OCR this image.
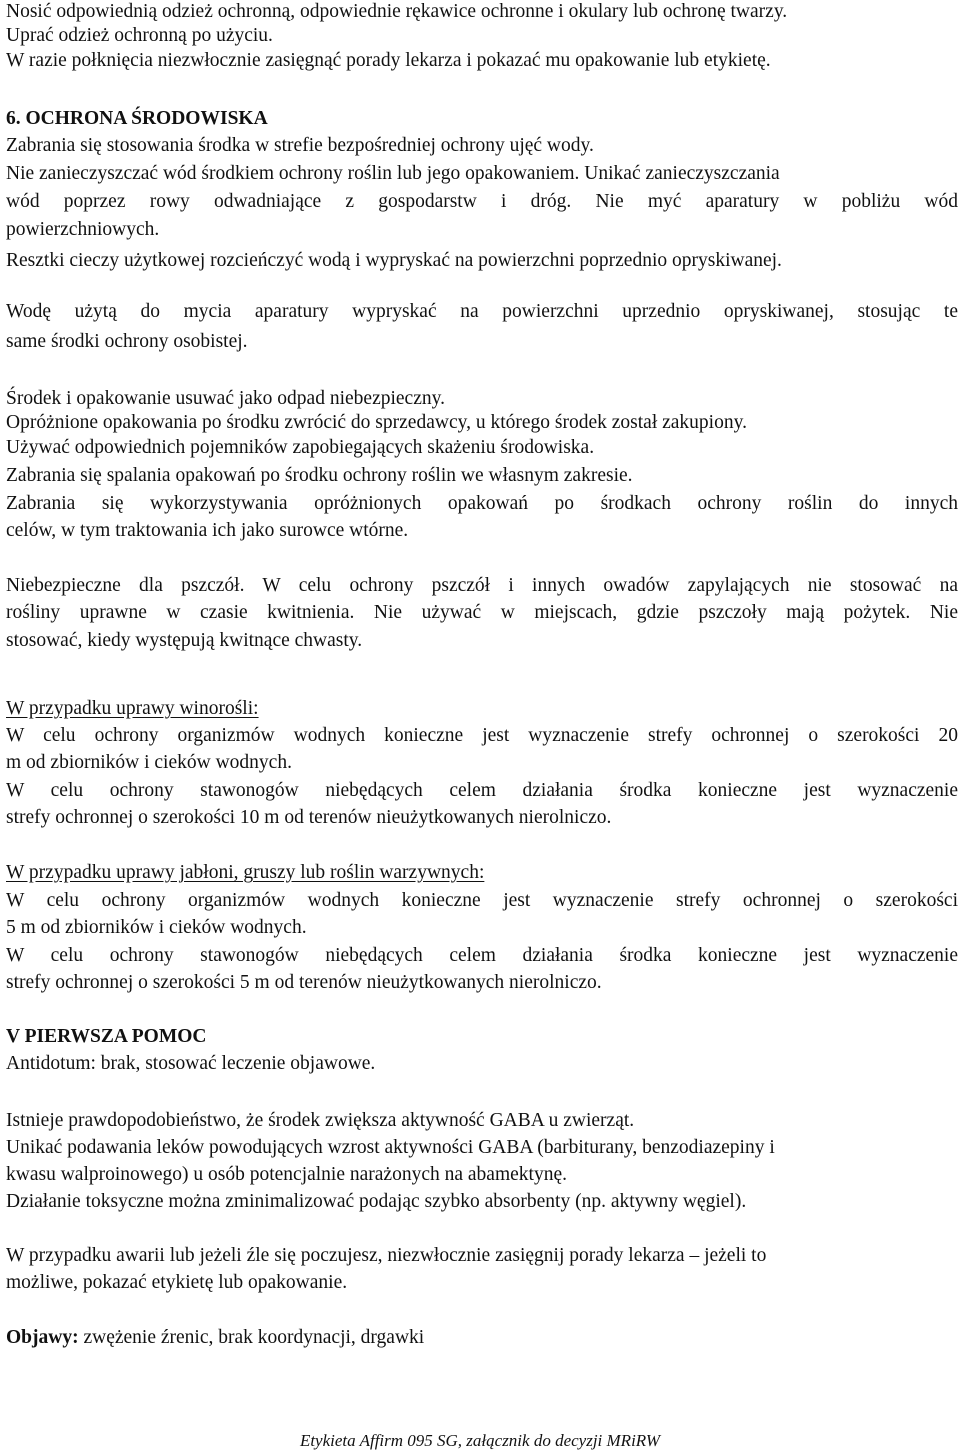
Nosić odpowiednią odzież ochronną, odpowiednie rękawice ochronne i okulary lub ochronę twarzy.
Uprać odzież ochronną po użyciu.
W razie połknięcia niezwłocznie zasięgnąć porady lekarza i pokazać mu opakowanie lub etykietę.
6. OCHRONA ŚRODOWISKA
Zabrania się stosowania środka w strefie bezpośredniej ochrony ujęć wody.
Nie zanieczyszczać wód środkiem ochrony roślin lub jego opakowaniem. Unikać zanieczyszczania
wód poprzez rowy odwadniające z gospodarstw i dróg. Nie myć aparatury w pobliżu wód
powierzchniowych.
Resztki cieczy użytkowej rozcieńczyć wodą i wypryskać na powierzchni poprzednio opryskiwanej.
Wodę użytą do mycia aparatury wypryskać na powierzchni uprzednio opryskiwanej, stosując te
same środki ochrony osobistej.
Środek i opakowanie usuwać jako odpad niebezpieczny.
Opróżnione opakowania po środku zwrócić do sprzedawcy, u którego środek został zakupiony.
Używać odpowiednich pojemników zapobiegających skażeniu środowiska.
Zabrania się spalania opakowań po środku ochrony roślin we własnym zakresie.
Zabrania się wykorzystywania opróżnionych opakowań po środkach ochrony roślin do innych
celów, w tym traktowania ich jako surowce wtórne.
Niebezpieczne dla pszczół. W celu ochrony pszczół i innych owadów zapylających nie stosować na
rośliny uprawne w czasie kwitnienia. Nie używać w miejscach, gdzie pszczoły mają pożytek. Nie
stosować, kiedy występują kwitnące chwasty.
W przypadku uprawy winorośli:
W celu ochrony organizmów wodnych konieczne jest wyznaczenie strefy ochronnej o szerokości 20
m od zbiorników i cieków wodnych.
W celu ochrony stawonogów niebędących celem działania środka konieczne jest wyznaczenie
strefy ochronnej o szerokości 10 m od terenów nieużytkowanych nierolniczo.
W przypadku uprawy jabłoni, gruszy lub roślin warzywnych:
W celu ochrony organizmów wodnych konieczne jest wyznaczenie strefy ochronnej o szerokości
5 m od zbiorników i cieków wodnych.
W celu ochrony stawonogów niebędących celem działania środka konieczne jest wyznaczenie
strefy ochronnej o szerokości 5 m od terenów nieużytkowanych nierolniczo.
V PIERWSZA POMOC
Antidotum: brak, stosować leczenie objawowe.
Istnieje prawdopodobieństwo, że środek zwiększa aktywność GABA u zwierząt.
Unikać podawania leków powodujących wzrost aktywności GABA (barbiturany, benzodiazepiny i
kwasu walproinowego) u osób potencjalnie narażonych na abamektynę.
Działanie toksyczne można zminimalizować podając szybko absorbenty (np. aktywny węgiel).
W przypadku awarii lub jeżeli źle się poczujesz, niezwłocznie zasięgnij porady lekarza – jeżeli to
możliwe, pokazać etykietę lub opakowanie.
Objawy: zwężenie źrenic, brak koordynacji, drgawki
Etykieta Affirm 095 SG, załącznik do decyzji MRiRW
